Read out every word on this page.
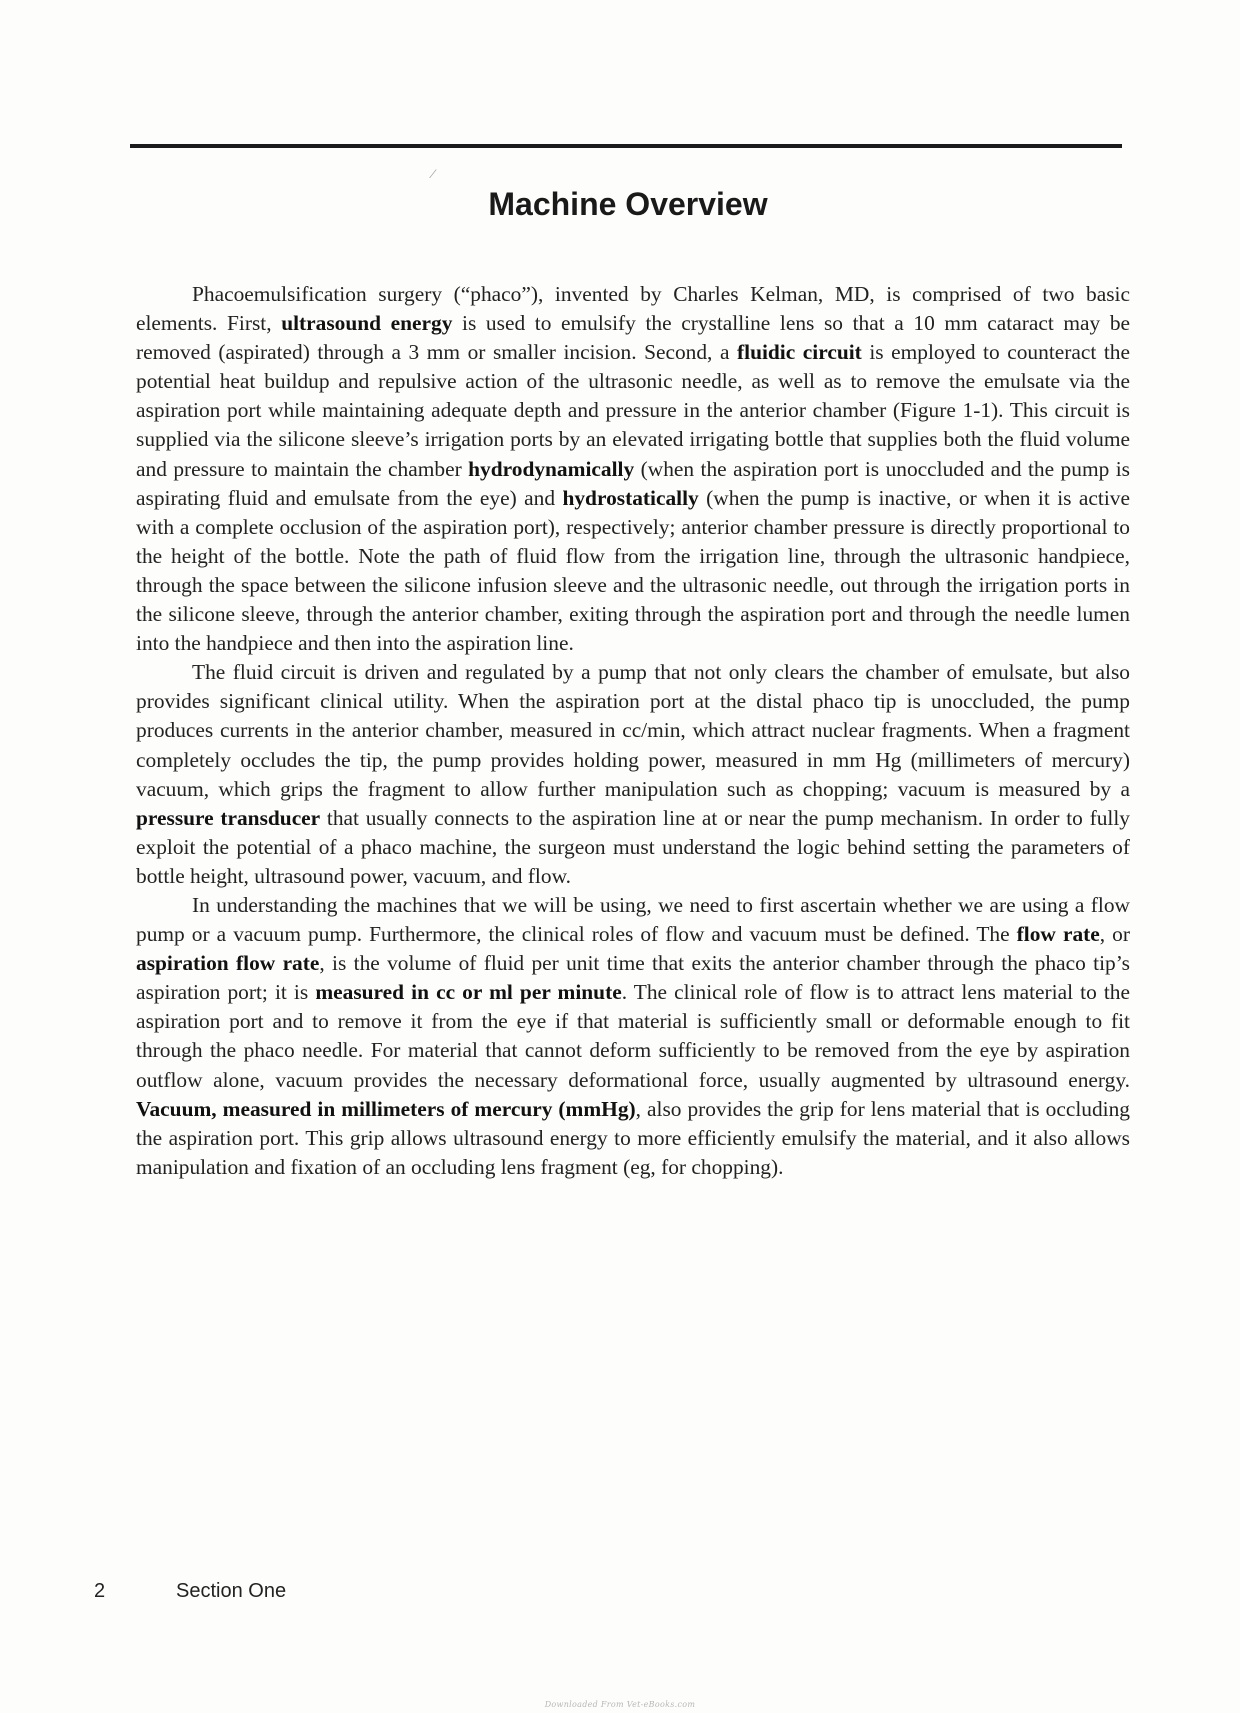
⁄
Machine Overview

Phacoemulsification surgery (“phaco”), invented by Charles Kelman, MD, is comprised of two basic elements. First, ultrasound energy is used to emulsify the crystalline lens so that a 10 mm cataract may be removed (aspirated) through a 3 mm or smaller incision. Second, a fluidic circuit is employed to counteract the potential heat buildup and repulsive action of the ultrasonic needle, as well as to remove the emulsate via the aspiration port while maintaining adequate depth and pressure in the anterior chamber (Figure 1-1). This circuit is supplied via the silicone sleeve’s irrigation ports by an elevated irrigating bottle that supplies both the fluid volume and pressure to maintain the chamber hydrodynamically (when the aspiration port is unoccluded and the pump is aspirating fluid and emulsate from the eye) and hydrostatically (when the pump is inactive, or when it is active with a complete occlusion of the aspiration port), respectively; anterior chamber pressure is directly proportional to the height of the bottle. Note the path of fluid flow from the irrigation line, through the ultrasonic handpiece, through the space between the silicone infusion sleeve and the ultrasonic needle, out through the irrigation ports in the silicone sleeve, through the anterior chamber, exiting through the aspiration port and through the needle lumen into the handpiece and then into the aspiration line.

The fluid circuit is driven and regulated by a pump that not only clears the chamber of emulsate, but also provides significant clinical utility. When the aspiration port at the distal phaco tip is unoccluded, the pump produces currents in the anterior chamber, measured in cc/min, which attract nuclear fragments. When a fragment completely occludes the tip, the pump provides holding power, measured in mm Hg (millimeters of mercury) vacuum, which grips the fragment to allow further manipulation such as chopping; vacuum is measured by a pressure transducer that usually connects to the aspiration line at or near the pump mechanism. In order to fully exploit the potential of a phaco machine, the surgeon must understand the logic behind setting the parameters of bottle height, ultrasound power, vacuum, and flow.

In understanding the machines that we will be using, we need to first ascertain whether we are using a flow pump or a vacuum pump. Furthermore, the clinical roles of flow and vacuum must be defined. The flow rate, or aspiration flow rate, is the volume of fluid per unit time that exits the anterior chamber through the phaco tip’s aspiration port; it is measured in cc or ml per minute. The clinical role of flow is to attract lens material to the aspiration port and to remove it from the eye if that material is sufficiently small or deformable enough to fit through the phaco needle. For material that cannot deform sufficiently to be removed from the eye by aspiration outflow alone, vacuum provides the necessary deformational force, usually augmented by ultrasound energy. Vacuum, measured in millimeters of mercury (mmHg), also provides the grip for lens material that is occluding the aspiration port. This grip allows ultrasound energy to more efficiently emulsify the material, and it also allows manipulation and fixation of an occluding lens fragment (eg, for chopping).

2	Section One
Downloaded From Vet-eBooks.com
